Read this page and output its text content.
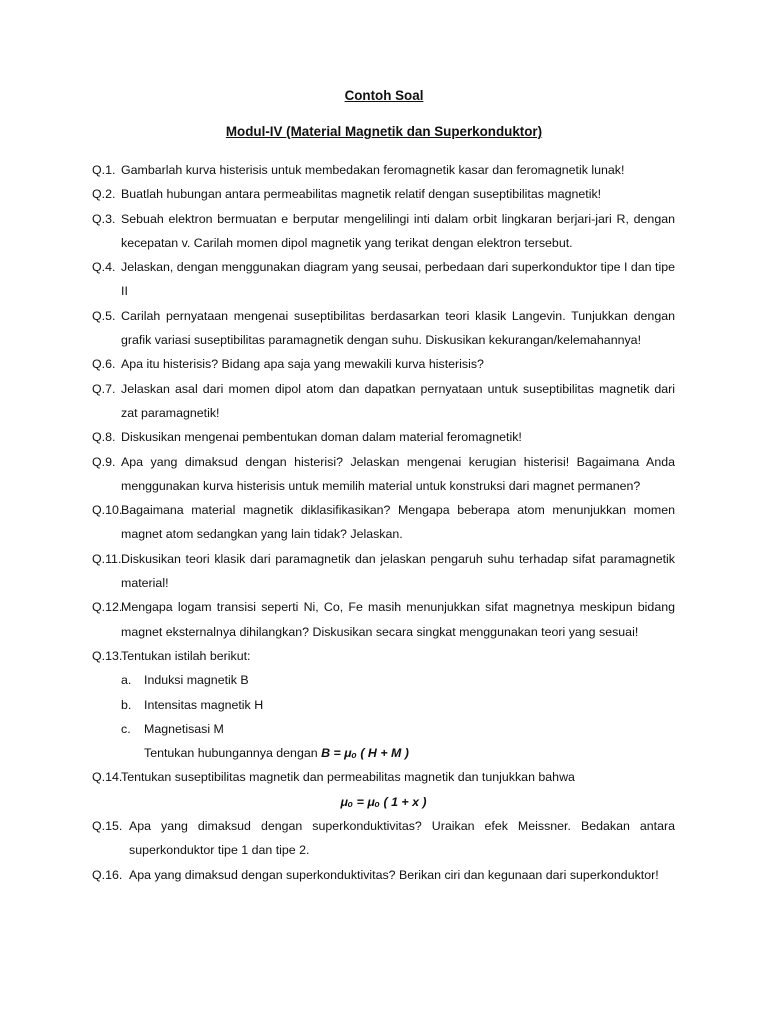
Contoh Soal
Modul-IV (Material Magnetik dan Superkonduktor)
Q.1. Gambarlah kurva histerisis untuk membedakan feromagnetik kasar dan feromagnetik lunak!
Q.2. Buatlah hubungan antara permeabilitas magnetik relatif dengan suseptibilitas magnetik!
Q.3. Sebuah elektron bermuatan e berputar mengelilingi inti dalam orbit lingkaran berjari-jari R, dengan kecepatan v. Carilah momen dipol magnetik yang terikat dengan elektron tersebut.
Q.4. Jelaskan, dengan menggunakan diagram yang seusai, perbedaan dari superkonduktor tipe I dan tipe II
Q.5. Carilah pernyataan mengenai suseptibilitas berdasarkan teori klasik Langevin. Tunjukkan dengan grafik variasi suseptibilitas paramagnetik dengan suhu. Diskusikan kekurangan/kelemahannya!
Q.6. Apa itu histerisis? Bidang apa saja yang mewakili kurva histerisis?
Q.7. Jelaskan asal dari momen dipol atom dan dapatkan pernyataan untuk suseptibilitas magnetik dari zat paramagnetik!
Q.8. Diskusikan mengenai pembentukan doman dalam material feromagnetik!
Q.9. Apa yang dimaksud dengan histerisi? Jelaskan mengenai kerugian histerisi! Bagaimana Anda menggunakan kurva histerisis untuk memilih material untuk konstruksi dari magnet permanen?
Q.10.
Bagaimana material magnetik diklasifikasikan? Mengapa beberapa atom menunjukkan momen magnet atom sedangkan yang lain tidak? Jelaskan.
Q.11. Diskusikan teori klasik dari paramagnetik dan jelaskan pengaruh suhu terhadap sifat paramagnetik material!
Q.12.
Mengapa logam transisi seperti Ni, Co, Fe masih menunjukkan sifat magnetnya meskipun bidang magnet eksternalnya dihilangkan? Diskusikan secara singkat menggunakan teori yang sesuai!
Q.13.
Tentukan istilah berikut:
a. Induksi magnetik B
b. Intensitas magnetik H
c. Magnetisasi M
Tentukan hubungannya dengan B = μₒ ( H + M )
Q.14.
Tentukan suseptibilitas magnetik dan permeabilitas magnetik dan tunjukkan bahwa
μₒ = μₒ ( 1 + x )
Q.15. Apa yang dimaksud dengan superkonduktivitas? Uraikan efek Meissner. Bedakan antara superkonduktor tipe 1 dan tipe 2.
Q.16. Apa yang dimaksud dengan superkonduktivitas? Berikan ciri dan kegunaan dari superkonduktor!
